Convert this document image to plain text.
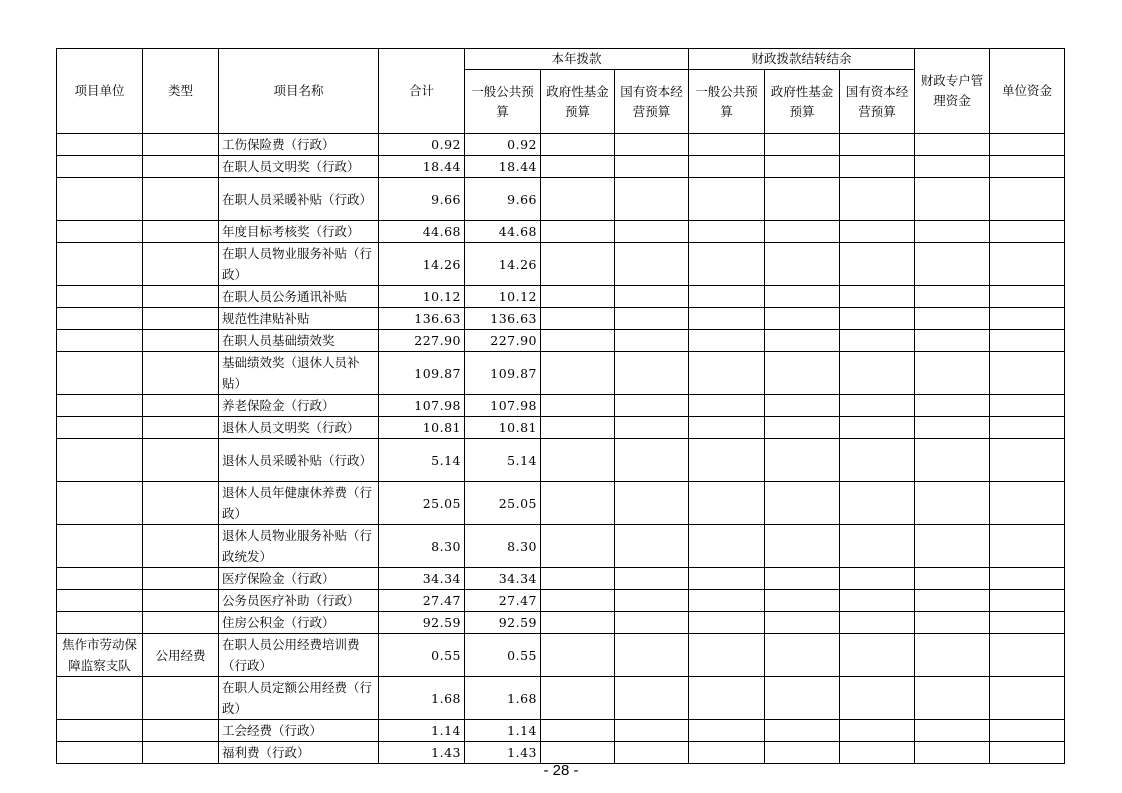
项目单位	类型	项目名称	合计	本年拨款			财政拨款结转结余			财政专户管理资金	单位资金
				一般公共预算	政府性基金预算	国有资本经营预算	一般公共预算	政府性基金预算	国有资本经营预算		
		工伤保险费（行政）	0.92	0.92							
		在职人员文明奖（行政）	18.44	18.44							
		在职人员采暖补贴（行政）	9.66	9.66							
		年度目标考核奖（行政）	44.68	44.68							
		在职人员物业服务补贴（行政）	14.26	14.26							
		在职人员公务通讯补贴	10.12	10.12							
		规范性津贴补贴	136.63	136.63							
		在职人员基础绩效奖	227.90	227.90							
		基础绩效奖（退休人员补贴）	109.87	109.87							
		养老保险金（行政）	107.98	107.98							
		退休人员文明奖（行政）	10.81	10.81							
		退休人员采暖补贴（行政）	5.14	5.14							
		退休人员年健康休养费（行政）	25.05	25.05							
		退休人员物业服务补贴（行政统发）	8.30	8.30							
		医疗保险金（行政）	34.34	34.34							
		公务员医疗补助（行政）	27.47	27.47							
		住房公积金（行政）	92.59	92.59							
焦作市劳动保障监察支队	公用经费	在职人员公用经费培训费（行政）	0.55	0.55							
		在职人员定额公用经费（行政）	1.68	1.68							
		工会经费（行政）	1.14	1.14							
		福利费（行政）	1.43	1.43							
- 28 -
